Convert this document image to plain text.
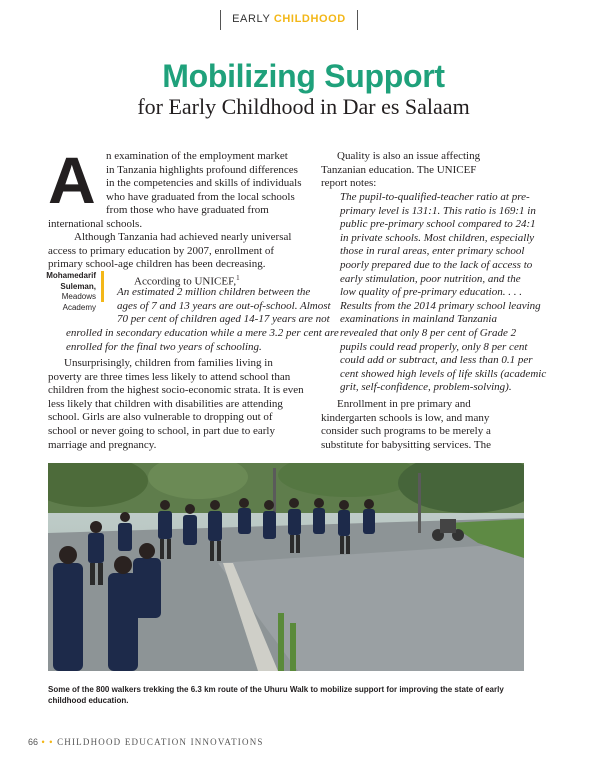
EARLY CHILDHOOD
Mobilizing Support
for Early Childhood in Dar es Salaam
A n examination of the employment market
in Tanzania highlights profound differences
in the competencies and skills of individuals
who have graduated from the local schools
from those who have graduated from
international schools.
Although Tanzania had achieved nearly universal
access to primary education by 2007, enrollment of
primary school-age children has been decreasing.
According to UNICEF,$^1$
Mohamedarif
Suleman,
Meadows Academy
An estimated 2 million children between the
ages of 7 and 13 years are out-of-school. Almost
70 per cent of children aged 14-17 years are not
enrolled in secondary education while a mere 3.2 per cent are
enrolled for the final two years of schooling.
Unsurprisingly, children from families living in
poverty are three times less likely to attend school than
children from the highest socio-economic strata. It is even
less likely that children with disabilities are attending
school. Girls are also vulnerable to dropping out of
school or never going to school, in part due to early
marriage and pregnancy.
Quality is also an issue affecting
Tanzanian education. The UNICEF
report notes:
The pupil-to-qualified-teacher ratio at pre-
primary level is 131:1. This ratio is 169:1 in
public pre-primary school compared to 24:1
in private schools. Most children, especially
those in rural areas, enter primary school
poorly prepared due to the lack of access to
early stimulation, poor nutrition, and the
low quality of pre-primary education. . . .
Results from the 2014 primary school leaving
examinations in mainland Tanzania
revealed that only 8 per cent of Grade 2
pupils could read properly, only 8 per cent
could add or subtract, and less than 0.1 per
cent showed high levels of life skills (academic
grit, self-confidence, problem-solving).
Enrollment in pre primary and
kindergarten schools is low, and many
consider such programs to be merely a
substitute for babysitting services. The
Some of the 800 walkers trekking the 6.3 km route of the Uhuru Walk to mobilize support for improving the state of early childhood education.
66 • • CHILDHOOD EDUCATION INNOVATIONS
